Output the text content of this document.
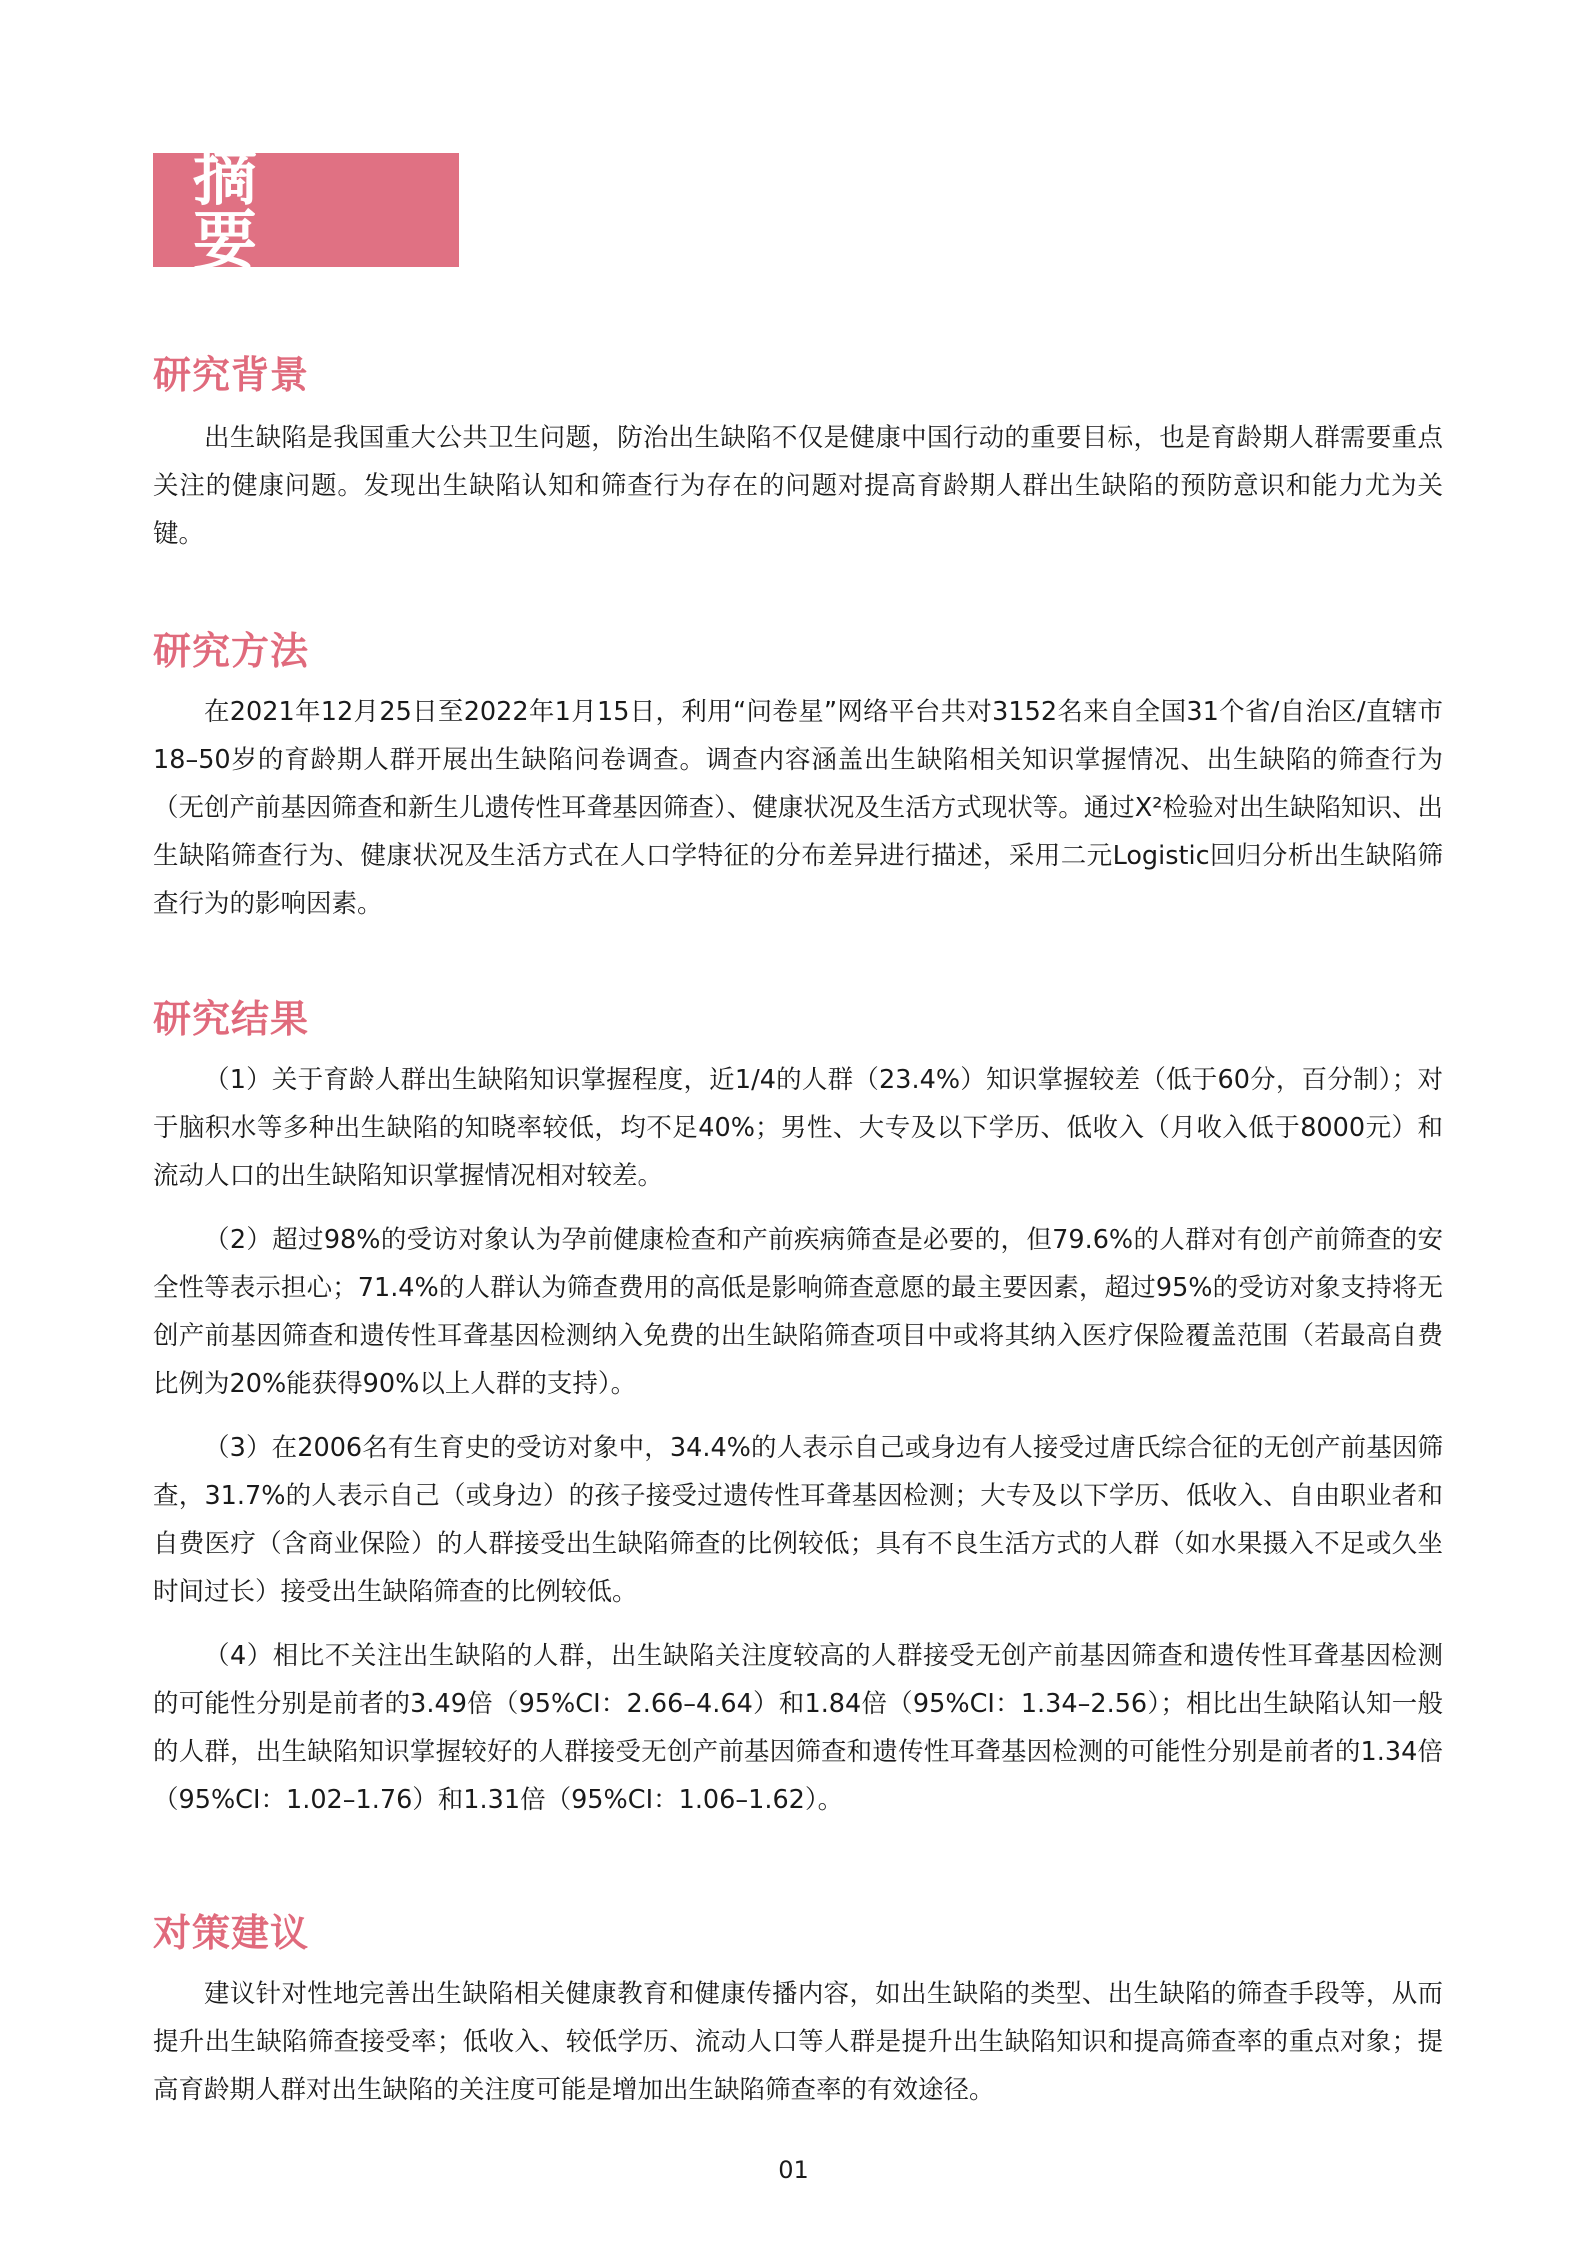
摘 要
研究背景

出生缺陷是我国重大公共卫生问题，防治出生缺陷不仅是健康中国行动的重要目标，也是育龄期人群需要重点关注的健康问题。发现出生缺陷认知和筛查行为存在的问题对提高育龄期人群出生缺陷的预防意识和能力尤为关键。

研究方法

在2021年12月25日至2022年1月15日，利用“问卷星”网络平台共对3152名来自全国31个省/自治区/直辖市18–50岁的育龄期人群开展出生缺陷问卷调查。调查内容涵盖出生缺陷相关知识掌握情况、出生缺陷的筛查行为（无创产前基因筛查和新生儿遗传性耳聋基因筛查）、健康状况及生活方式现状等。通过X²检验对出生缺陷知识、出生缺陷筛查行为、健康状况及生活方式在人口学特征的分布差异进行描述，采用二元Logistic回归分析出生缺陷筛查行为的影响因素。

研究结果

（1）关于育龄人群出生缺陷知识掌握程度，近1/4的人群（23.4%）知识掌握较差（低于60分，百分制）；对于脑积水等多种出生缺陷的知晓率较低，均不足40%；男性、大专及以下学历、低收入（月收入低于8000元）和流动人口的出生缺陷知识掌握情况相对较差。

（2）超过98%的受访对象认为孕前健康检查和产前疾病筛查是必要的，但79.6%的人群对有创产前筛查的安全性等表示担心；71.4%的人群认为筛查费用的高低是影响筛查意愿的最主要因素，超过95%的受访对象支持将无创产前基因筛查和遗传性耳聋基因检测纳入免费的出生缺陷筛查项目中或将其纳入医疗保险覆盖范围（若最高自费比例为20%能获得90%以上人群的支持）。

（3）在2006名有生育史的受访对象中，34.4%的人表示自己或身边有人接受过唐氏综合征的无创产前基因筛查，31.7%的人表示自己（或身边）的孩子接受过遗传性耳聋基因检测；大专及以下学历、低收入、自由职业者和自费医疗（含商业保险）的人群接受出生缺陷筛查的比例较低；具有不良生活方式的人群（如水果摄入不足或久坐时间过长）接受出生缺陷筛查的比例较低。

（4）相比不关注出生缺陷的人群，出生缺陷关注度较高的人群接受无创产前基因筛查和遗传性耳聋基因检测的可能性分别是前者的3.49倍（95%CI：2.66–4.64）和1.84倍（95%CI：1.34–2.56）；相比出生缺陷认知一般的人群，出生缺陷知识掌握较好的人群接受无创产前基因筛查和遗传性耳聋基因检测的可能性分别是前者的1.34倍（95%CI：1.02–1.76）和1.31倍（95%CI：1.06–1.62）。

对策建议

建议针对性地完善出生缺陷相关健康教育和健康传播内容，如出生缺陷的类型、出生缺陷的筛查手段等，从而提升出生缺陷筛查接受率；低收入、较低学历、流动人口等人群是提升出生缺陷知识和提高筛查率的重点对象；提高育龄期人群对出生缺陷的关注度可能是增加出生缺陷筛查率的有效途径。

01
